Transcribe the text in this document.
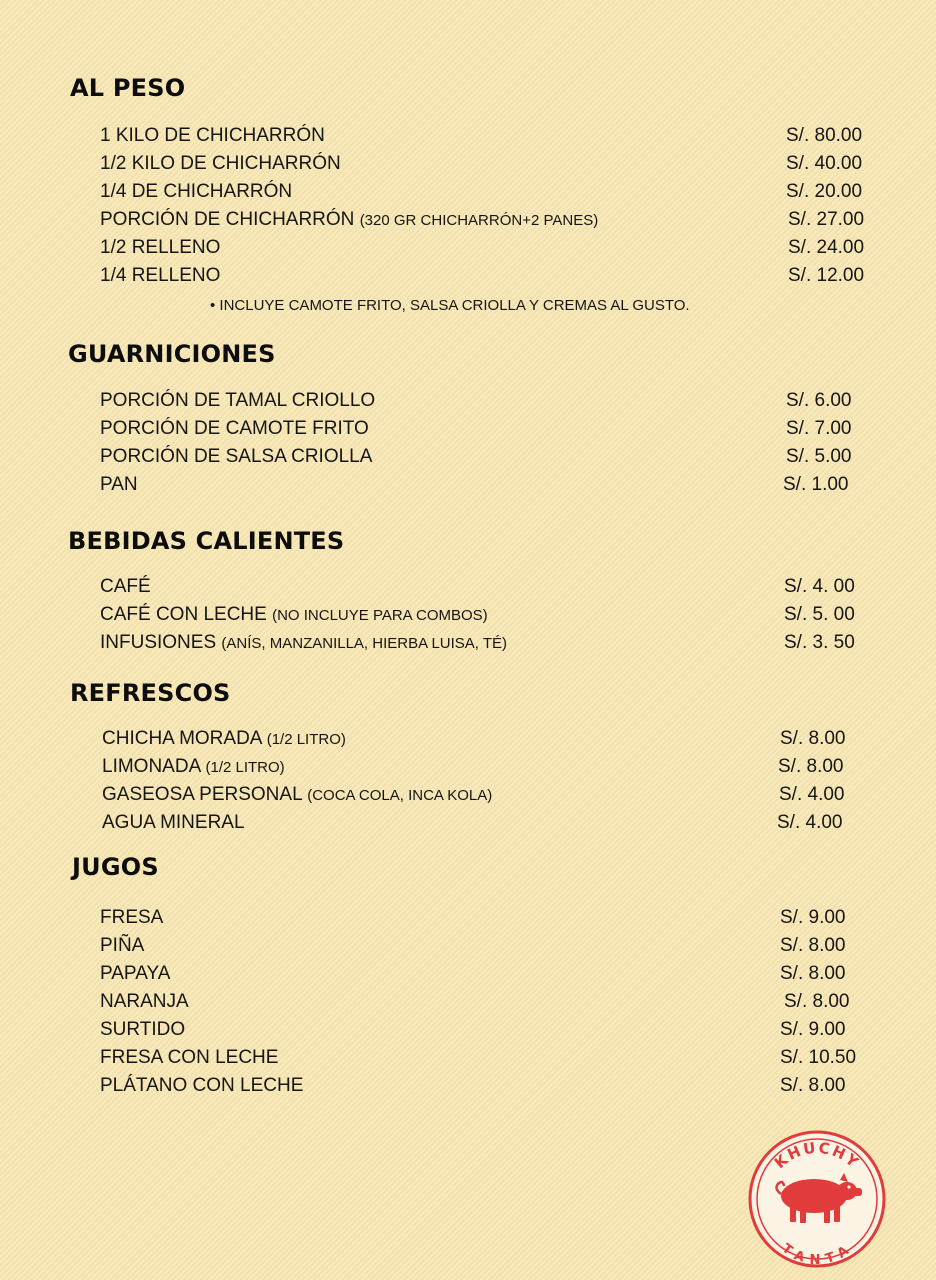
AL PESO
1 KILO DE CHICHARRÓN	S/. 80.00
1/2 KILO DE CHICHARRÓN	S/. 40.00
1/4 DE CHICHARRÓN	S/. 20.00
PORCIÓN DE CHICHARRÓN (320 GR CHICHARRÓN+2 PANES)	S/. 27.00
1/2 RELLENO	S/. 24.00
1/4 RELLENO	S/. 12.00
• INCLUYE CAMOTE FRITO, SALSA CRIOLLA Y CREMAS AL GUSTO.
GUARNICIONES
PORCIÓN DE TAMAL CRIOLLO	S/. 6.00
PORCIÓN DE CAMOTE FRITO	S/. 7.00
PORCIÓN DE SALSA CRIOLLA	S/. 5.00
PAN	S/. 1.00
BEBIDAS CALIENTES
CAFÉ	S/. 4. 00
CAFÉ CON LECHE (NO INCLUYE PARA COMBOS)	S/. 5. 00
INFUSIONES (ANÍS, MANZANILLA, HIERBA LUISA, TÉ)	S/. 3. 50
REFRESCOS
CHICHA MORADA (1/2 LITRO)	S/. 8.00
LIMONADA (1/2 LITRO)	S/. 8.00
GASEOSA PERSONAL (COCA COLA, INCA KOLA)	S/. 4.00
AGUA MINERAL	S/. 4.00
JUGOS
FRESA	S/. 9.00
PIÑA	S/. 8.00
PAPAYA	S/. 8.00
NARANJA	S/. 8.00
SURTIDO	S/. 9.00
FRESA CON LECHE	S/. 10.50
PLÁTANO CON LECHE	S/. 8.00
KHUCHY
TANTA
